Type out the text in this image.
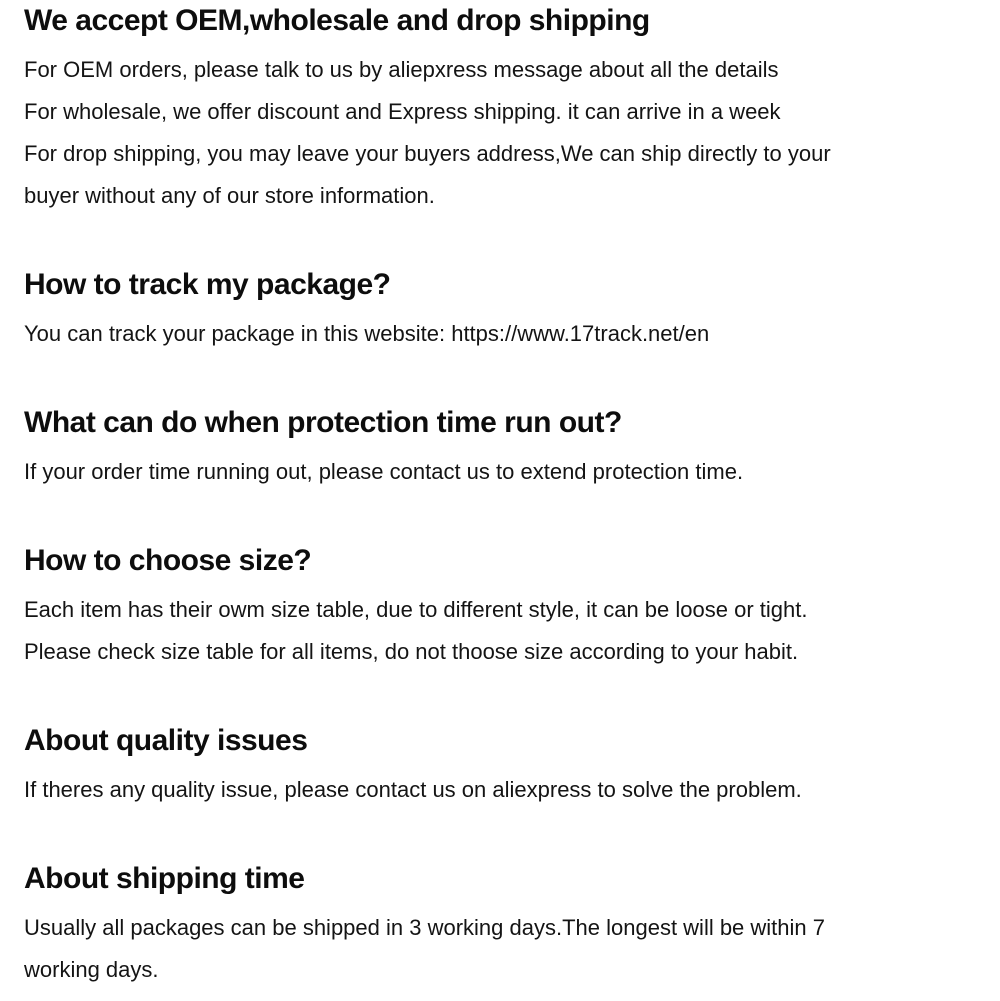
We accept OEM,wholesale and drop shipping
For OEM orders, please talk to us by aliepxress message about all the details
For wholesale, we offer discount and Express shipping. it can arrive in a week
For drop shipping, you may leave your buyers address,We can ship directly to your
buyer without any of our store information.
How to track my package?
You can track your package in this website: https://www.17track.net/en
What can do when protection time run out?
If your order time running out, please contact us to extend protection time.
How to choose size?
Each item has their owm size table, due to different style, it can be loose or tight.
Please check size table for all items, do not thoose size according to your habit.
About quality issues
If theres any quality issue, please contact us on aliexpress to solve the problem.
About shipping time
Usually all packages can be shipped in 3 working days.The longest will be within 7
working days.
